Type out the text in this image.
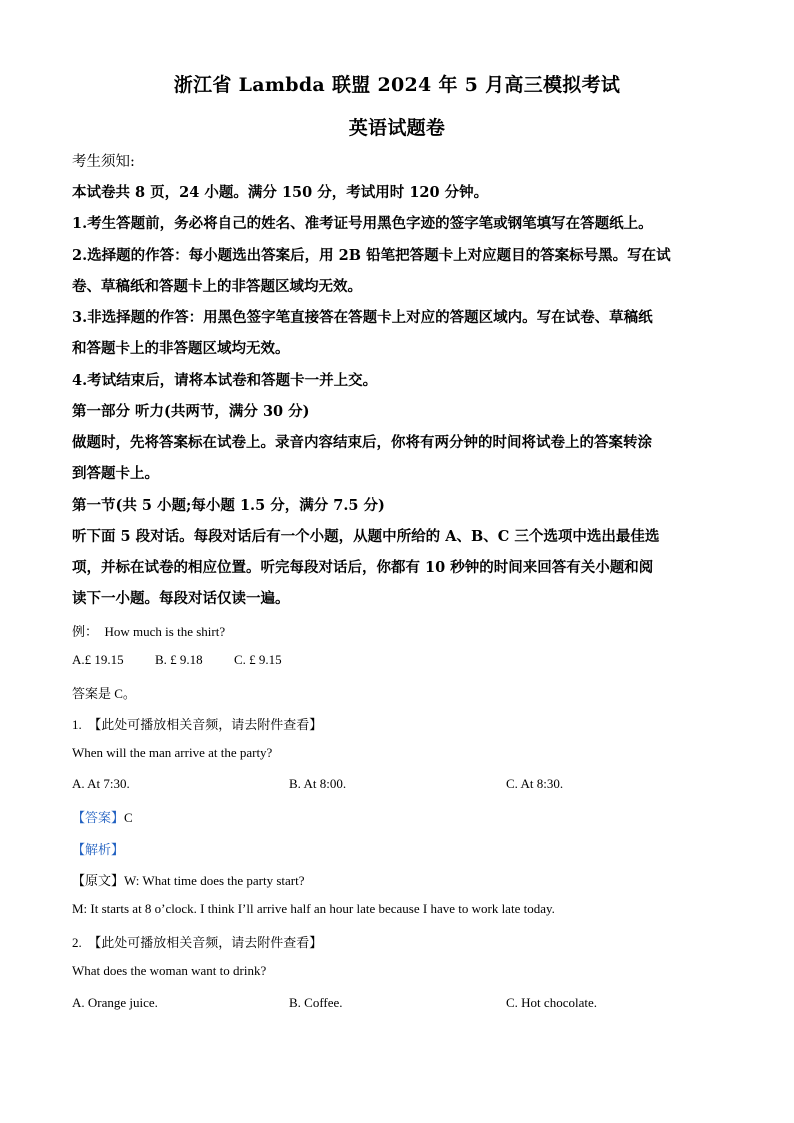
浙江省 Lambda 联盟 2024 年 5 月高三模拟考试
英语试题卷
考生须知:
本试卷共 8 页，24 小题。满分 150 分，考试用时 120 分钟。
1.考生答题前，务必将自己的姓名、准考证号用黑色字迹的签字笔或钢笔填写在答题纸上。
2.选择题的作答：每小题选出答案后，用 2B 铅笔把答题卡上对应题目的答案标号黑。写在试
卷、草稿纸和答题卡上的非答题区域均无效。
3.非选择题的作答：用黑色签字笔直接答在答题卡上对应的答题区域内。写在试卷、草稿纸
和答题卡上的非答题区域均无效。
4.考试结束后，请将本试卷和答题卡一并上交。
第一部分 听力(共两节，满分 30 分)
做题时，先将答案标在试卷上。录音内容结束后，你将有两分钟的时间将试卷上的答案转涂
到答题卡上。
第一节(共 5 小题;每小题 1.5 分，满分 7.5 分)
听下面 5 段对话。每段对话后有一个小题，从题中所给的 A、B、C 三个选项中选出最佳选
项，并标在试卷的相应位置。听完每段对话后，你都有 10 秒钟的时间来回答有关小题和阅
读下一小题。每段对话仅读一遍。
例： How much is the shirt?
A.£ 19.15 B. £ 9.18 C. £ 9.15
答案是 C。
1. 【此处可播放相关音频，请去附件查看】
When will the man arrive at the party?
A. At 7:30.	B. At 8:00.	C. At 8:30.
【答案】C
【解析】
【原文】W: What time does the party start?
M: It starts at 8 o’clock. I think I’ll arrive half an hour late because I have to work late today.
2. 【此处可播放相关音频，请去附件查看】
What does the woman want to drink?
A. Orange juice.	B. Coffee.	C. Hot chocolate.
